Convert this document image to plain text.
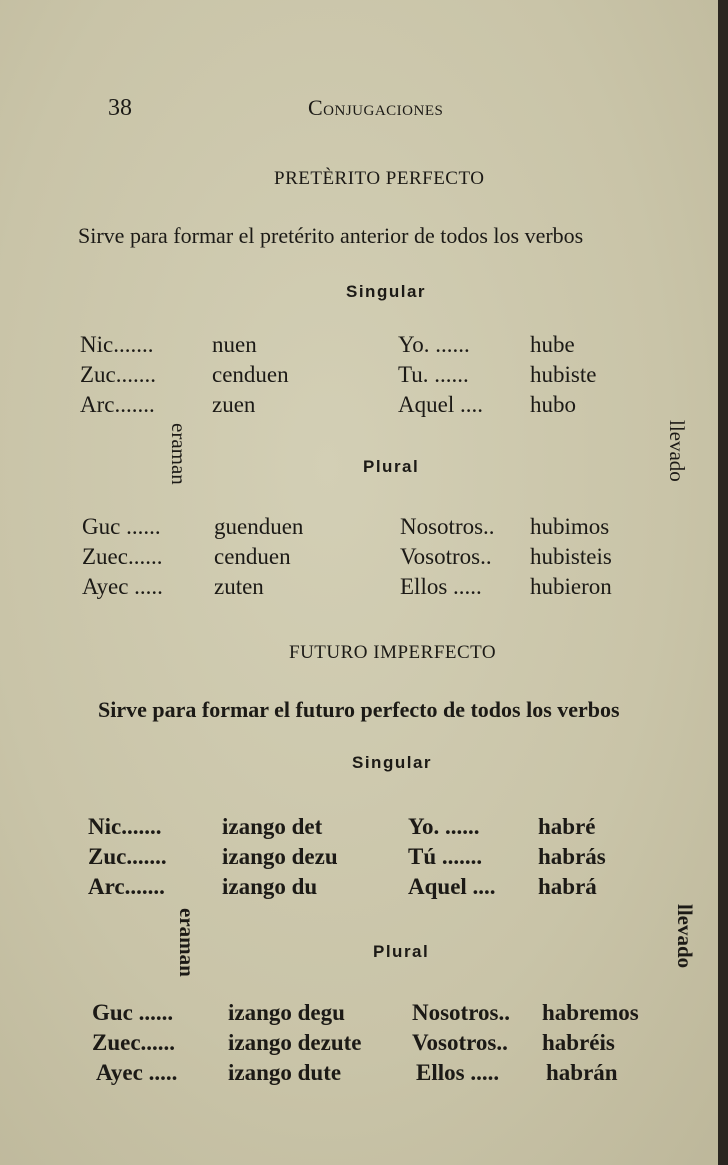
38	Conjugaciones
PRETÈRITO PERFECTO
Sirve para formar el pretérito anterior de todos los verbos
Singular
Nic.......	nuen	Yo. ......	hube
Zuc....... cenduen	Tu. ......	hubiste
Arc....... zuen	Aquel .... hubo
eraman	Plural	llevado
Guc ...... guenduen	Nosotros.. hubimos
Zuec...... cenduen	Vosotros.. hubisteis
Ayec ..... zuten	Ellos ..... hubieron
FUTURO IMPERFECTO
Sirve para formar el futuro perfecto de todos los verbos
Singular
Nic.......	izango det	Yo. ......	habré
Zuc....... izango dezu	Tú ....... habrás
Arc....... izango du	Aquel .... habrá
eraman	Plural	llevado
Guc ...... izango degu	Nosotros.. habremos
Zuec...... izango dezute Vosotros.. habréis
Ayec ..... izango dute	Ellos ..... habrán
